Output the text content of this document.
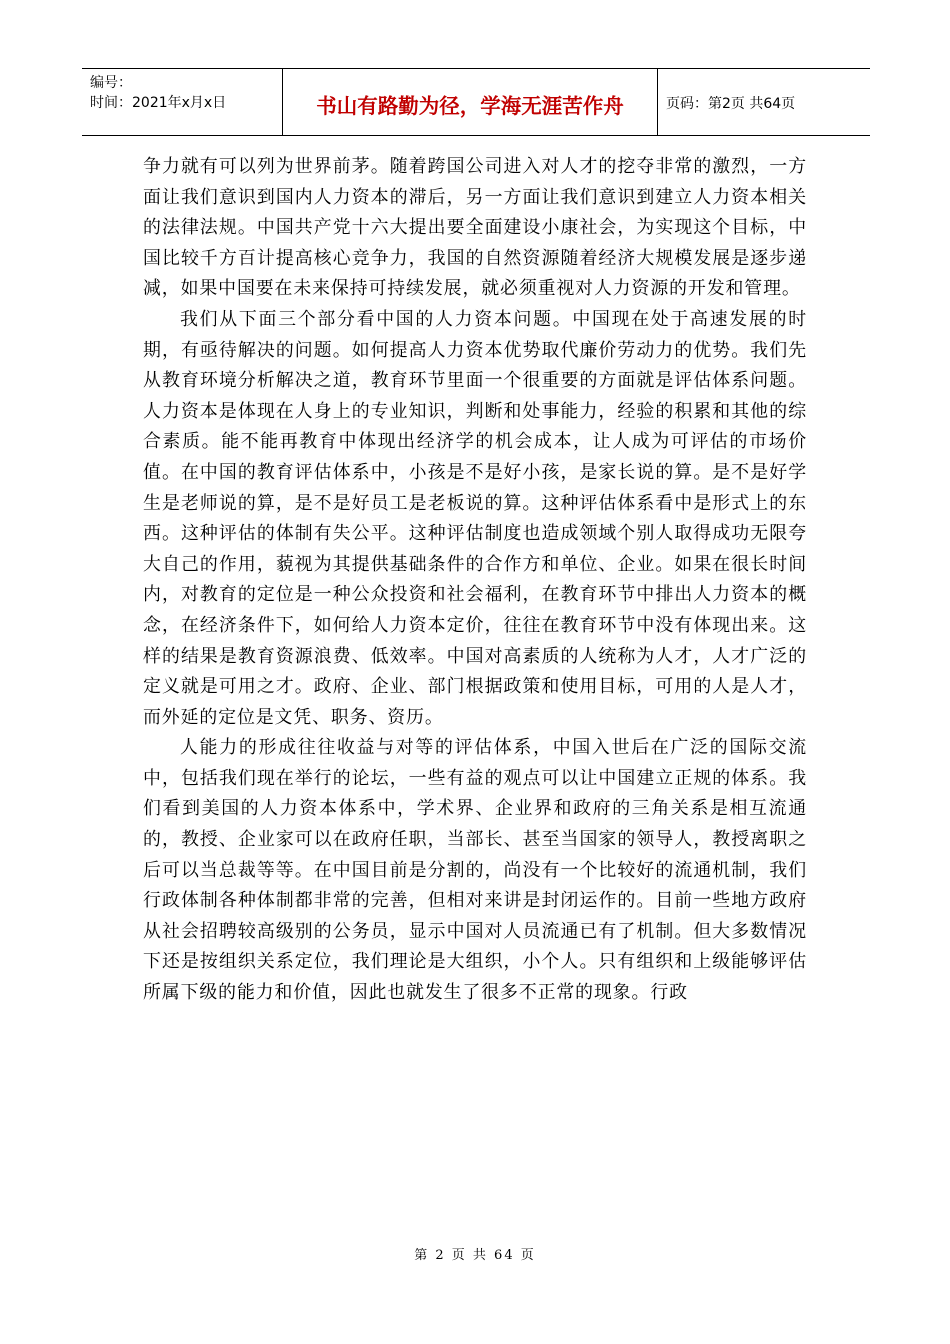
编号：
时间：2021年x月x日	书山有路勤为径，学海无涯苦作舟	页码：第2页 共64页

争力就有可以列为世界前茅。随着跨国公司进入对人才的挖夺非常的激烈，一方面让我们意识到国内人力资本的滞后，另一方面让我们意识到建立人力资本相关的法律法规。中国共产党十六大提出要全面建设小康社会，为实现这个目标，中国比较千方百计提高核心竞争力，我国的自然资源随着经济大规模发展是逐步递减，如果中国要在未来保持可持续发展，就必须重视对人力资源的开发和管理。

我们从下面三个部分看中国的人力资本问题。中国现在处于高速发展的时期，有亟待解决的问题。如何提高人力资本优势取代廉价劳动力的优势。我们先从教育环境分析解决之道，教育环节里面一个很重要的方面就是评估体系问题。人力资本是体现在人身上的专业知识，判断和处事能力，经验的积累和其他的综合素质。能不能再教育中体现出经济学的机会成本，让人成为可评估的市场价值。在中国的教育评估体系中，小孩是不是好小孩，是家长说的算。是不是好学生是老师说的算，是不是好员工是老板说的算。这种评估体系看中是形式上的东西。这种评估的体制有失公平。这种评估制度也造成领域个别人取得成功无限夸大自己的作用，藐视为其提供基础条件的合作方和单位、企业。如果在很长时间内，对教育的定位是一种公众投资和社会福利，在教育环节中排出人力资本的概念，在经济条件下，如何给人力资本定价，往往在教育环节中没有体现出来。这样的结果是教育资源浪费、低效率。中国对高素质的人统称为人才，人才广泛的定义就是可用之才。政府、企业、部门根据政策和使用目标，可用的人是人才，而外延的定位是文凭、职务、资历。

人能力的形成往往收益与对等的评估体系，中国入世后在广泛的国际交流中，包括我们现在举行的论坛，一些有益的观点可以让中国建立正规的体系。我们看到美国的人力资本体系中，学术界、企业界和政府的三角关系是相互流通的，教授、企业家可以在政府任职，当部长、甚至当国家的领导人，教授离职之后可以当总裁等等。在中国目前是分割的，尚没有一个比较好的流通机制，我们行政体制各种体制都非常的完善，但相对来讲是封闭运作的。目前一些地方政府从社会招聘较高级别的公务员，显示中国对人员流通已有了机制。但大多数情况下还是按组织关系定位，我们理论是大组织，小个人。只有组织和上级能够评估所属下级的能力和价值，因此也就发生了很多不正常的现象。行政

第 2 页 共 64 页
